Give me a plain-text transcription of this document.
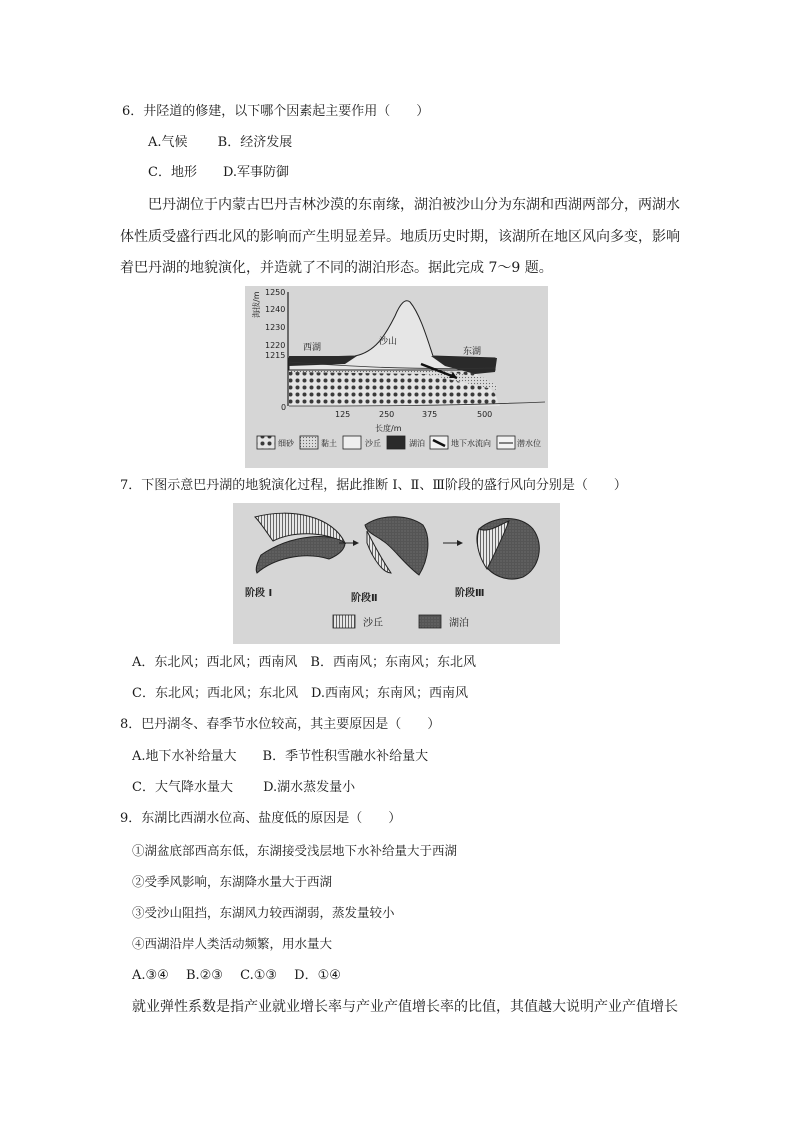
6．井陉道的修建，以下哪个因素起主要作用（　　）
A.气候　　 B．经济发展
C．地形　　D.军事防御
巴丹湖位于内蒙古巴丹吉林沙漠的东南缘，湖泊被沙山分为东湖和西湖两部分，两湖水
体性质受盛行西北风的影响而产生明显差异。地质历史时期，该湖所在地区风向多变，影响
着巴丹湖的地貌演化，并造就了不同的湖泊形态。据此完成 7～9 题。
海拔/m 1250
1240
1230
1220
1215
0
西湖
沙山
东湖
125	250	375	500
长度/m
细砂	黏土	沙丘	湖泊	地下水流向	潜水位
7．下图示意巴丹湖的地貌演化过程，据此推断 I、Ⅱ、Ⅲ阶段的盛行风向分别是（　　）
阶段 I	阶段Ⅱ	阶段Ⅲ
沙丘	湖泊
A．东北风；西北风；西南风　B．西南风；东南风；东北风
C．东北风；西北风；东北风　D.西南风；东南风；西南风
8．巴丹湖冬、春季节水位较高，其主要原因是（　　）
A.地下水补给量大　　B．季节性积雪融水补给量大
C．大气降水量大　　 D.湖水蒸发量小
9．东湖比西湖水位高、盐度低的原因是（　　）
①湖盆底部西高东低，东湖接受浅层地下水补给量大于西湖
②受季风影响，东湖降水量大于西湖
③受沙山阻挡，东湖风力较西湖弱，蒸发量较小
④西湖沿岸人类活动频繁，用水量大
A.③④　 B.②③　 C.①③　 D．①④
就业弹性系数是指产业就业增长率与产业产值增长率的比值，其值越大说明产业产值增长
